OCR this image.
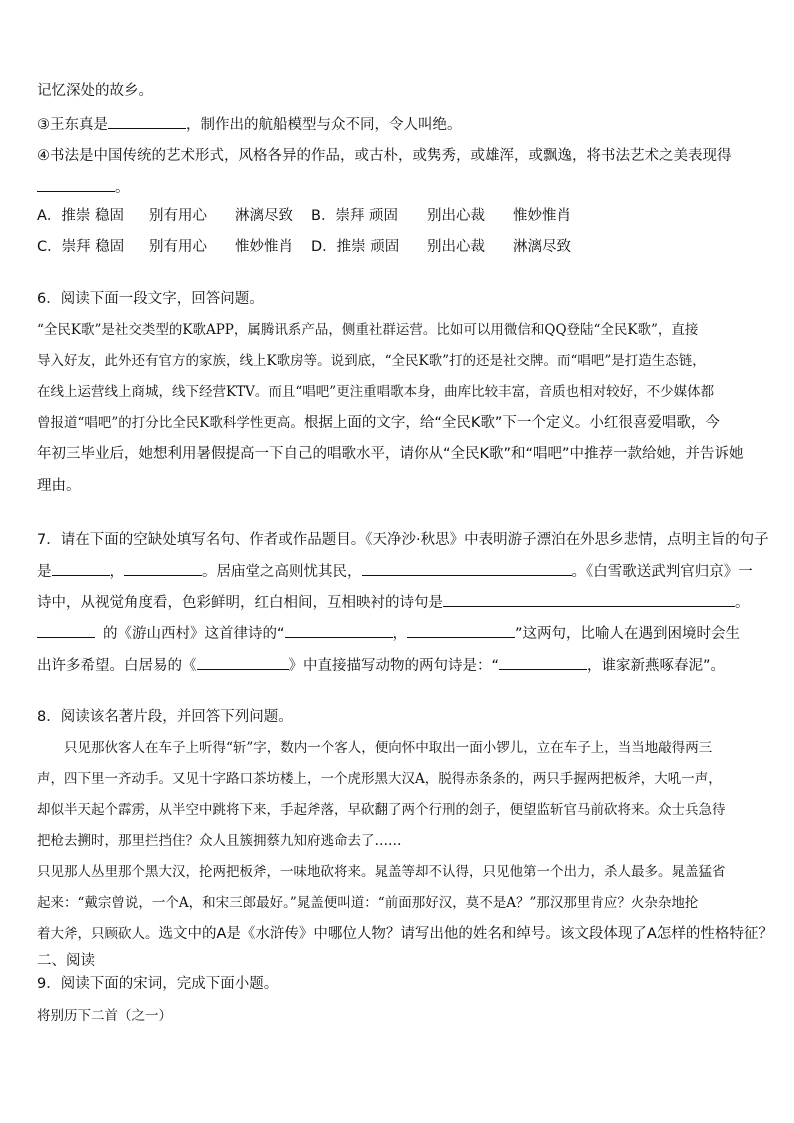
记忆深处的故乡。
③王东真是	，制作出的航船模型与众不同，令人叫绝。
④书法是中国传统的艺术形式，风格各异的作品，或古朴，或隽秀，或雄浑，或飘逸，将书法艺术之美表现得
。
A．推崇 稳固 别有用心 淋漓尽致 B．崇拜 顽固 别出心裁 惟妙惟肖
C．崇拜 稳固 别有用心 惟妙惟肖 D．推崇 顽固 别出心裁 淋漓尽致
6．阅读下面一段文字，回答问题。
“全民K歌”是社交类型的K歌APP，属腾讯系产品，侧重社群运营。比如可以用微信和QQ登陆“全民K歌”，直接
导入好友，此外还有官方的家族，线上K歌房等。说到底，“全民K歌”打的还是社交牌。而“唱吧”是打造生态链，
在线上运营线上商城，线下经营KTV。而且“唱吧”更注重唱歌本身，曲库比较丰富，音质也相对较好，不少媒体都
曾报道“唱吧”的打分比全民K歌科学性更高。根据上面的文字，给“全民K歌”下一个定义。小红很喜爱唱歌，今
年初三毕业后，她想利用暑假提高一下自己的唱歌水平，请你从“全民K歌”和“唱吧”中推荐一款给她，并告诉她
理由。
7．请在下面的空缺处填写名句、作者或作品题目。《天净沙·秋思》中表明游子漂泊在外思乡悲情，点明主旨的句子
是	，	。居庙堂之高则忧其民，	。《白雪歌送武判官归京》一
诗中，从视觉角度看，色彩鲜明，红白相间，互相映衬的诗句是	。
的《游山西村》这首律诗的“	，	”这两句，比喻人在遇到困境时会生
出许多希望。白居易的《	》中直接描写动物的两句诗是：“	，谁家新燕啄春泥”。
8．阅读该名著片段，并回答下列问题。
只见那伙客人在车子上听得“斩”字，数内一个客人，便向怀中取出一面小锣儿，立在车子上，当当地敲得两三
声，四下里一齐动手。又见十字路口茶坊楼上，一个虎形黑大汉A，脱得赤条条的，两只手握两把板斧，大吼一声，
却似半天起个霹雳，从半空中跳将下来，手起斧落，早砍翻了两个行刑的刽子，便望监斩官马前砍将来。众士兵急待
把枪去搠时，那里拦挡住？众人且簇拥蔡九知府逃命去了……
只见那人丛里那个黑大汉，抡两把板斧，一味地砍将来。晁盖等却不认得，只见他第一个出力，杀人最多。晁盖猛省
起来：“戴宗曾说，一个A，和宋三郎最好。”晁盖便叫道：“前面那好汉，莫不是A？”那汉那里肯应？火杂杂地抡
着大斧，只顾砍人。选文中的A是《水浒传》中哪位人物？请写出他的姓名和绰号。该文段体现了A怎样的性格特征？
二、阅读
9．阅读下面的宋词，完成下面小题。
将别历下二首（之一）
